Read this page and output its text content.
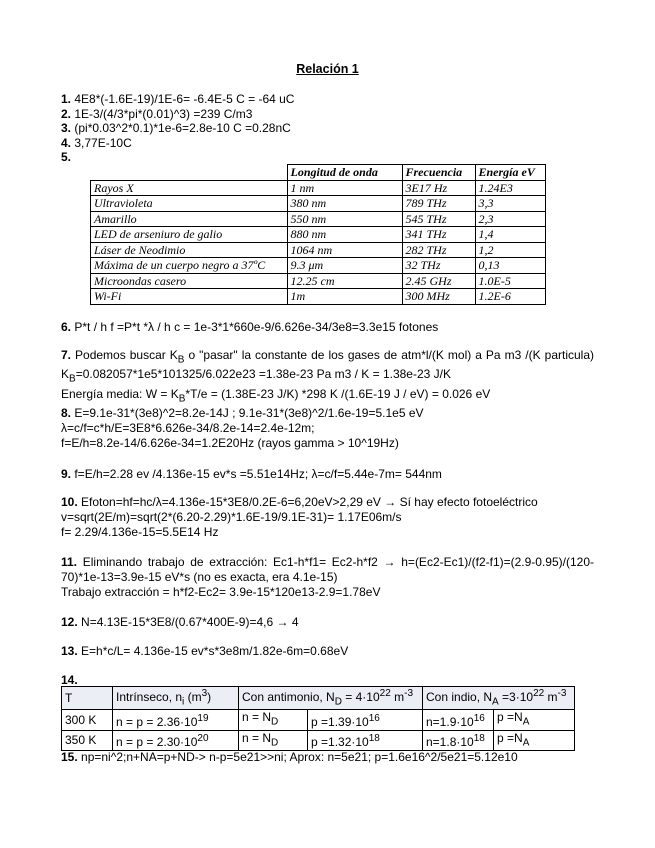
Relación 1
1. 4E8*(-1.6E-19)/1E-6= -6.4E-5 C = -64 uC
2. 1E-3/(4/3*pi*(0.01)^3) =239 C/m3
3. (pi*0.03^2*0.1)*1e-6=2.8e-10 C =0.28nC
4. 3,77E-10C
5.
	Longitud de onda	Frecuencia	Energía eV
Rayos X	1 nm	3E17 Hz	1.24E3
Ultravioleta	380 nm	789 THz	3,3
Amarillo	550 nm	545 THz	2,3
LED de arseniuro de galio	880 nm	341 THz	1,4
Láser de Neodimio	1064 nm	282 THz	1,2
Máxima de un cuerpo negro a 37ºC	9.3 μm	32 THz	0,13
Microondas casero	12.25 cm	2.45 GHz	1.0E-5
Wi-Fi	1m	300 MHz	1.2E-6
6. P*t / h f =P*t *λ / h c = 1e-3*1*660e-9/6.626e-34/3e8=3.3e15 fotones

7. Podemos buscar $K_B$ o "pasar" la constante de los gases de atm*l/(K mol) a Pa m3 /(K particula) $K_B=0.082057*1e5*101325/6.022e23 =1.38e-23$ Pa m3 / K = 1.38e-23 J/K

Energía media: $W = K_B*T/e = (1.38E-23$ J/K) *298 K /(1.6E-19 J / eV) = 0.026 eV

8. E=9.1e-31*(3e8)^2=8.2e-14J ; 9.1e-31*(3e8)^2/1.6e-19=5.1e5 eV

λ=c/f=c*h/E=3E8*6.626e-34/8.2e-14=2.4e-12m;

f=E/h=8.2e-14/6.626e-34=1.2E20Hz (rayos gamma > 10^19Hz)

9. f=E/h=2.28 ev /4.136e-15 ev*s =5.51e14Hz; λ=c/f=5.44e-7m= 544nm

10. Efoton=hf=hc/λ=4.136e-15*3E8/0.2E-6=6,20eV>2,29 eV → Sí hay efecto fotoeléctrico

v=sqrt(2E/m)=sqrt(2*(6.20-2.29)*1.6E-19/9.1E-31)= 1.17E06m/s

f= 2.29/4.136e-15=5.5E14 Hz

11. Eliminando trabajo de extracción: Ec1-h*f1= Ec2-h*f2 → h=(Ec2-Ec1)/(f2-f1)=(2.9-0.95)/(120-70)*1e-13=3.9e-15 eV*s (no es exacta, era 4.1e-15)

Trabajo extracción = h*f2-Ec2= 3.9e-15*120e13-2.9=1.78eV

12. N=4.13E-15*3E8/(0.67*400E-9)=4,6 → 4
13. E=h*c/L= 4.136e-15 ev*s*3e8m/1.82e-6m=0.68eV
14.
T	Intrínseco, $n_i$ $(m^3)$	Con antimonio, $N_D = 4\cdot 10^{22}$ $m^{-3}$		Con indio, $N_A =3\cdot 10^{22}$ $m^{-3}$
300 K	$n = p = 2.36\cdot 10^{19}$	$n = N_D$	$p =1.39\cdot 10^{16}$	$n=1.9\cdot 10^{16}$	$p =N_A$
350 K	$n = p = 2.30\cdot 10^{20}$	$n = N_D$	$p =1.32\cdot 10^{18}$	$n=1.8\cdot 10^{18}$	$p =N_A$
15. np=ni^2;n+NA=p+ND-> n-p=5e21>>ni; Aprox: n=5e21; p=1.6e16^2/5e21=5.12e10
